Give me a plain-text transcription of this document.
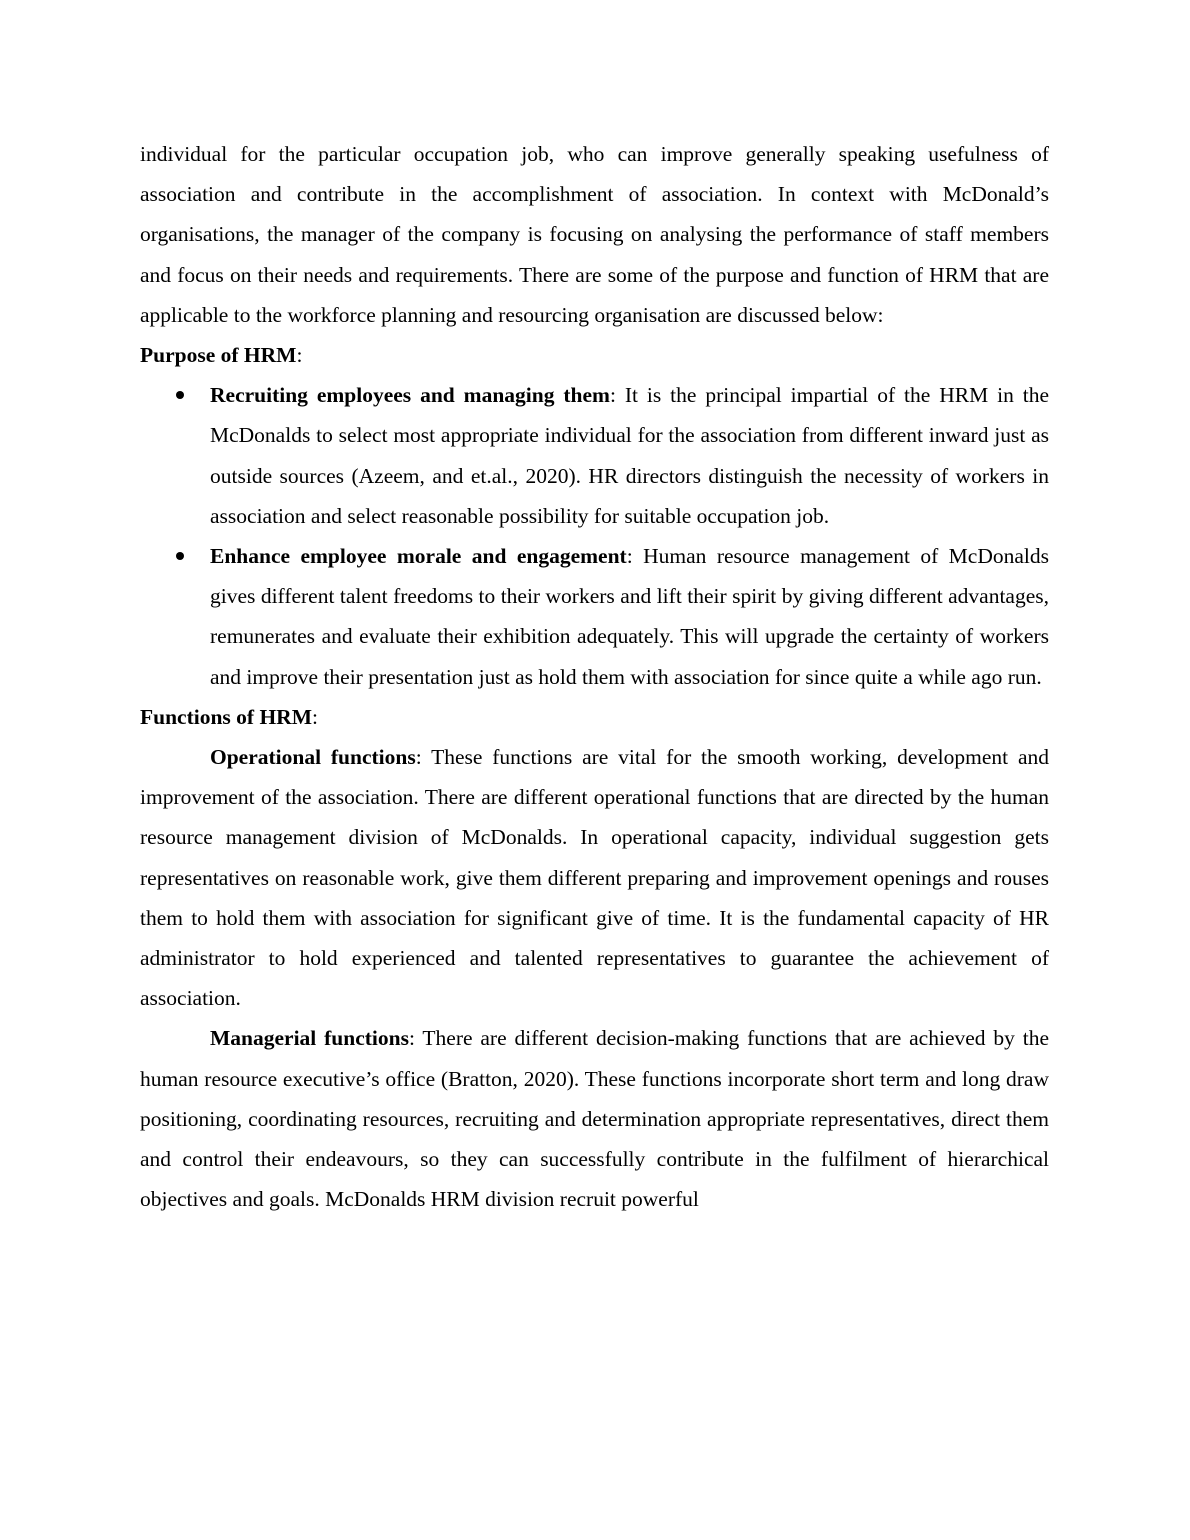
individual for the particular occupation job, who can improve generally speaking usefulness of association and contribute in the accomplishment of association. In context with McDonald’s organisations, the manager of the company is focusing on analysing the performance of staff members and focus on their needs and requirements. There are some of the purpose and function of HRM that are applicable to the workforce planning and resourcing organisation are discussed below:

Purpose of HRM:

Recruiting employees and managing them: It is the principal impartial of the HRM in the McDonalds to select most appropriate individual for the association from different inward just as outside sources (Azeem, and et.al., 2020). HR directors distinguish the necessity of workers in association and select reasonable possibility for suitable occupation job.
Enhance employee morale and engagement: Human resource management of McDonalds gives different talent freedoms to their workers and lift their spirit by giving different advantages, remunerates and evaluate their exhibition adequately. This will upgrade the certainty of workers and improve their presentation just as hold them with association for since quite a while ago run.

Functions of HRM:

Operational functions: These functions are vital for the smooth working, development and improvement of the association. There are different operational functions that are directed by the human resource management division of McDonalds. In operational capacity, individual suggestion gets representatives on reasonable work, give them different preparing and improvement openings and rouses them to hold them with association for significant give of time. It is the fundamental capacity of HR administrator to hold experienced and talented representatives to guarantee the achievement of association.

Managerial functions: There are different decision-making functions that are achieved by the human resource executive’s office (Bratton, 2020). These functions incorporate short term and long draw positioning, coordinating resources, recruiting and determination appropriate representatives, direct them and control their endeavours, so they can successfully contribute in the fulfilment of hierarchical objectives and goals. McDonalds HRM division recruit powerful
